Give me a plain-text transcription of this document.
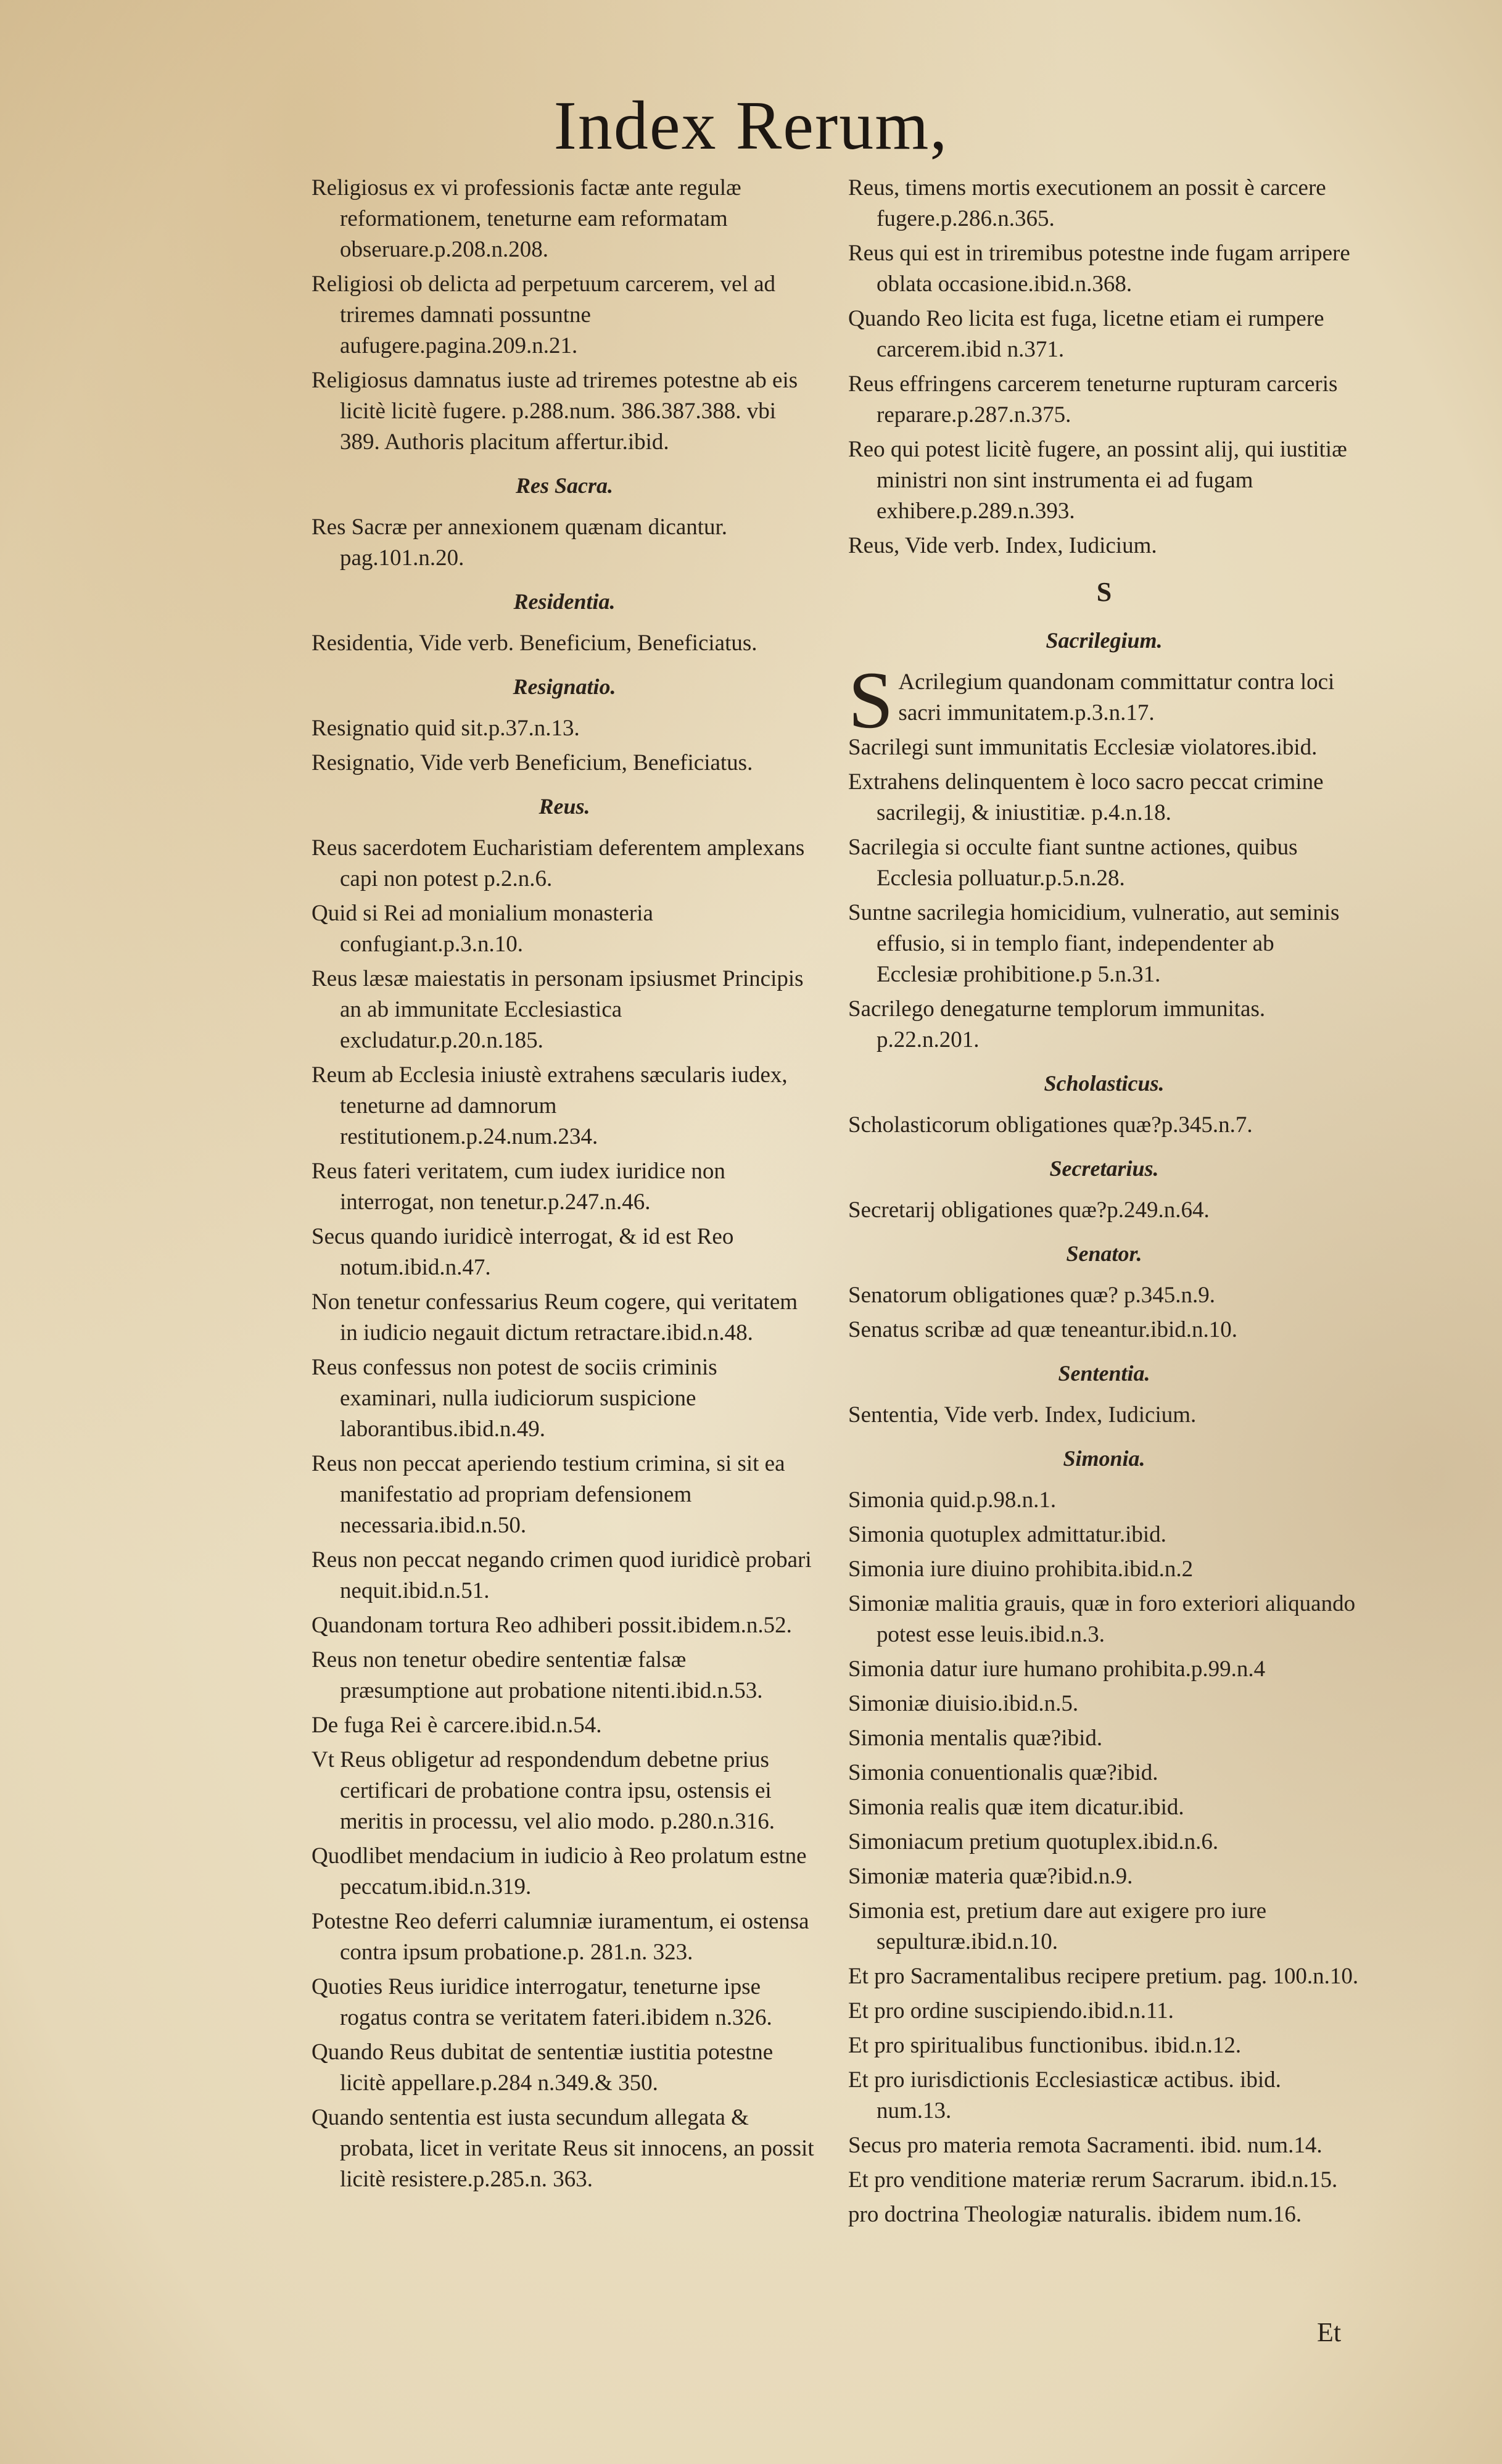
Index Rerum,
Religiosus ex vi professionis factæ ante regulæ reformationem, teneturne eam reformatam obseruare.p.208.n.208.
Religiosi ob delicta ad perpetuum carcerem, vel ad triremes damnati possuntne aufugere.pagina.209.n.21.
Religiosus damnatus iuste ad triremes potestne ab eis licitè licitè fugere. p.288.num. 386.387.388. vbi 389. Authoris placitum affertur.ibid.
Res Sacra.
Res Sacræ per annexionem quænam dicantur. pag.101.n.20.
Residentia.
Residentia, Vide verb. Beneficium, Beneficiatus.
Resignatio.
Resignatio quid sit.p.37.n.13.
Resignatio, Vide verb Beneficium, Beneficiatus.
Reus.
Reus sacerdotem Eucharistiam deferentem amplexans capi non potest p.2.n.6.
Quid si Rei ad monialium monasteria confugiant.p.3.n.10.
Reus læsæ maiestatis in personam ipsiusmet Principis an ab immunitate Ecclesiastica excludatur.p.20.n.185.
Reum ab Ecclesia iniustè extrahens sæcularis iudex, teneturne ad damnorum restitutionem.p.24.num.234.
Reus fateri veritatem, cum iudex iuridice non interrogat, non tenetur.p.247.n.46.
Secus quando iuridicè interrogat, & id est Reo notum.ibid.n.47.
Non tenetur confessarius Reum cogere, qui veritatem in iudicio negauit dictum retractare.ibid.n.48.
Reus confessus non potest de sociis criminis examinari, nulla iudiciorum suspicione laborantibus.ibid.n.49.
Reus non peccat aperiendo testium crimina, si sit ea manifestatio ad propriam defensionem necessaria.ibid.n.50.
Reus non peccat negando crimen quod iuridicè probari nequit.ibid.n.51.
Quandonam tortura Reo adhiberi possit.ibidem.n.52.
Reus non tenetur obedire sententiæ falsæ præsumptione aut probatione nitenti.ibid.n.53.
De fuga Rei è carcere.ibid.n.54.
Vt Reus obligetur ad respondendum debetne prius certificari de probatione contra ipsu, ostensis ei meritis in processu, vel alio modo. p.280.n.316.
Quodlibet mendacium in iudicio à Reo prolatum estne peccatum.ibid.n.319.
Potestne Reo deferri calumniæ iuramentum, ei ostensa contra ipsum probatione.p. 281.n. 323.
Quoties Reus iuridice interrogatur, teneturne ipse rogatus contra se veritatem fateri.ibidem n.326.
Quando Reus dubitat de sententiæ iustitia potestne licitè appellare.p.284 n.349.& 350.
Quando sententia est iusta secundum allegata & probata, licet in veritate Reus sit innocens, an possit licitè resistere.p.285.n. 363.
Reus, timens mortis executionem an possit è carcere fugere.p.286.n.365.
Reus qui est in triremibus potestne inde fugam arripere oblata occasione.ibid.n.368.
Quando Reo licita est fuga, licetne etiam ei rumpere carcerem.ibid n.371.
Reus effringens carcerem teneturne rupturam carceris reparare.p.287.n.375.
Reo qui potest licitè fugere, an possint alij, qui iustitiæ ministri non sint instrumenta ei ad fugam exhibere.p.289.n.393.
Reus, Vide verb. Index, Iudicium.
S
Sacrilegium.
S Acrilegium quandonam committatur contra loci sacri immunitatem.p.3.n.17.
Sacrilegi sunt immunitatis Ecclesiæ violatores.ibid.
Extrahens delinquentem è loco sacro peccat crimine sacrilegij, & iniustitiæ. p.4.n.18.
Sacrilegia si occulte fiant suntne actiones, quibus Ecclesia polluatur.p.5.n.28.
Suntne sacrilegia homicidium, vulneratio, aut seminis effusio, si in templo fiant, independenter ab Ecclesiæ prohibitione.p 5.n.31.
Sacrilego denegaturne templorum immunitas. p.22.n.201.
Scholasticus.
Scholasticorum obligationes quæ?p.345.n.7.
Secretarius.
Secretarij obligationes quæ?p.249.n.64.
Senator.
Senatorum obligationes quæ? p.345.n.9.
Senatus scribæ ad quæ teneantur.ibid.n.10.
Sententia.
Sententia, Vide verb. Index, Iudicium.
Simonia.
Simonia quid.p.98.n.1.
Simonia quotuplex admittatur.ibid.
Simonia iure diuino prohibita.ibid.n.2
Simoniæ malitia grauis, quæ in foro exteriori aliquando potest esse leuis.ibid.n.3.
Simonia datur iure humano prohibita.p.99.n.4
Simoniæ diuisio.ibid.n.5.
Simonia mentalis quæ?ibid.
Simonia conuentionalis quæ?ibid.
Simonia realis quæ item dicatur.ibid.
Simoniacum pretium quotuplex.ibid.n.6.
Simoniæ materia quæ?ibid.n.9.
Simonia est, pretium dare aut exigere pro iure sepulturæ.ibid.n.10.
Et pro Sacramentalibus recipere pretium. pag. 100.n.10.
Et pro ordine suscipiendo.ibid.n.11.
Et pro spiritualibus functionibus. ibid.n.12.
Et pro iurisdictionis Ecclesiasticæ actibus. ibid. num.13.
Secus pro materia remota Sacramenti. ibid. num.14.
Et pro venditione materiæ rerum Sacrarum. ibid.n.15.
pro doctrina Theologiæ naturalis. ibidem num.16.
Et
